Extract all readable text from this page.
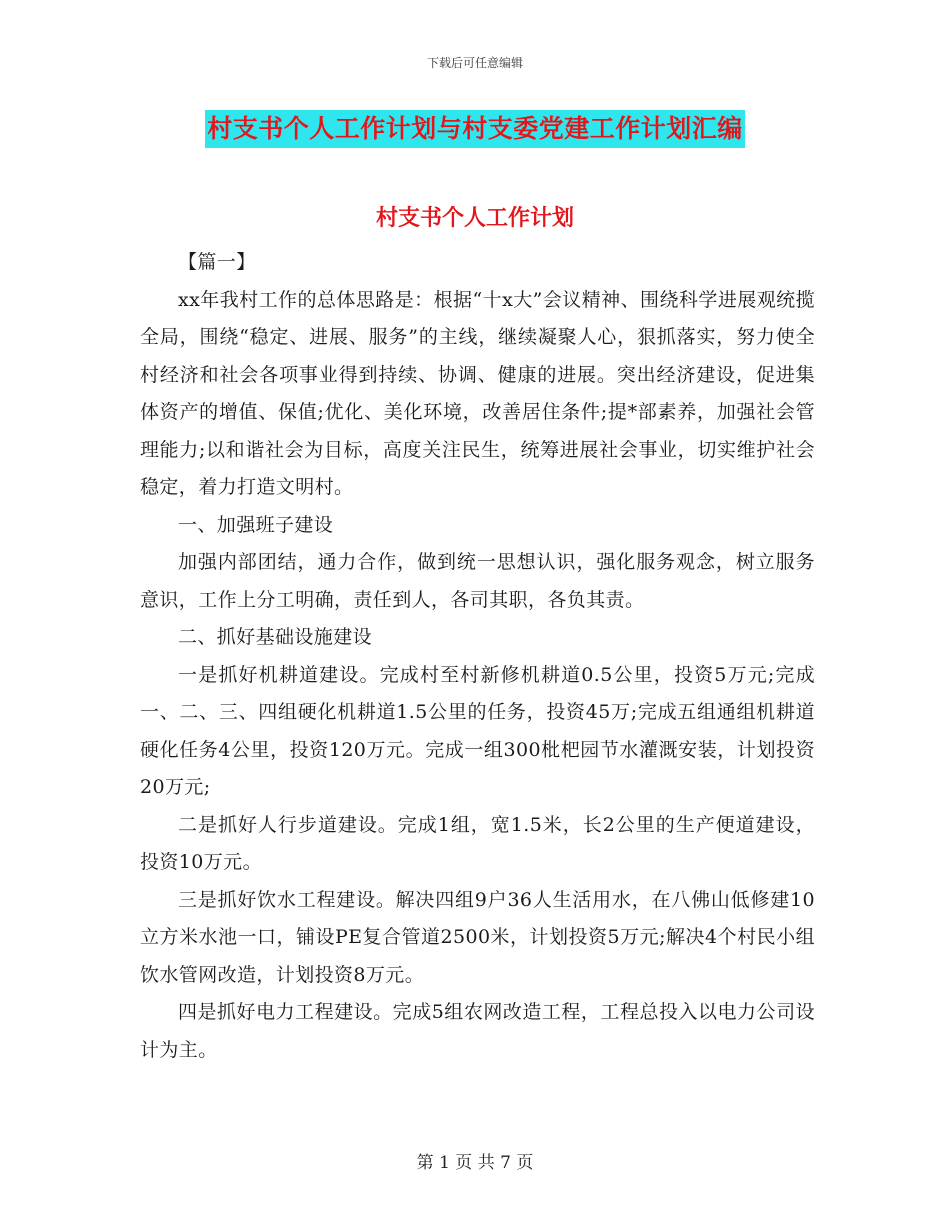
下载后可任意编辑
村支书个人工作计划与村支委党建工作计划汇编
村支书个人工作计划

【篇一】

xx年我村工作的总体思路是：根据“十x大”会议精神、围绕科学进展观统揽全局，围绕“稳定、进展、服务”的主线，继续凝聚人心，狠抓落实，努力使全村经济和社会各项事业得到持续、协调、健康的进展。突出经济建设，促进集体资产的增值、保值;优化、美化环境，改善居住条件;提*部素养，加强社会管理能力;以和谐社会为目标，高度关注民生，统筹进展社会事业，切实维护社会稳定，着力打造文明村。

一、加强班子建设

加强内部团结，通力合作，做到统一思想认识，强化服务观念，树立服务意识，工作上分工明确，责任到人，各司其职，各负其责。

二、抓好基础设施建设

一是抓好机耕道建设。完成村至村新修机耕道0.5公里，投资5万元;完成一、二、三、四组硬化机耕道1.5公里的任务，投资45万;完成五组通组机耕道硬化任务4公里，投资120万元。完成一组300枇杷园节水灌溉安装，计划投资20万元;

二是抓好人行步道建设。完成1组，宽1.5米，长2公里的生产便道建设，投资10万元。

三是抓好饮水工程建设。解决四组9户36人生活用水，在八佛山低修建10立方米水池一口，铺设PE复合管道2500米，计划投资5万元;解决4个村民小组饮水管网改造，计划投资8万元。

四是抓好电力工程建设。完成5组农网改造工程，工程总投入以电力公司设计为主。

第 1 页 共 7 页
